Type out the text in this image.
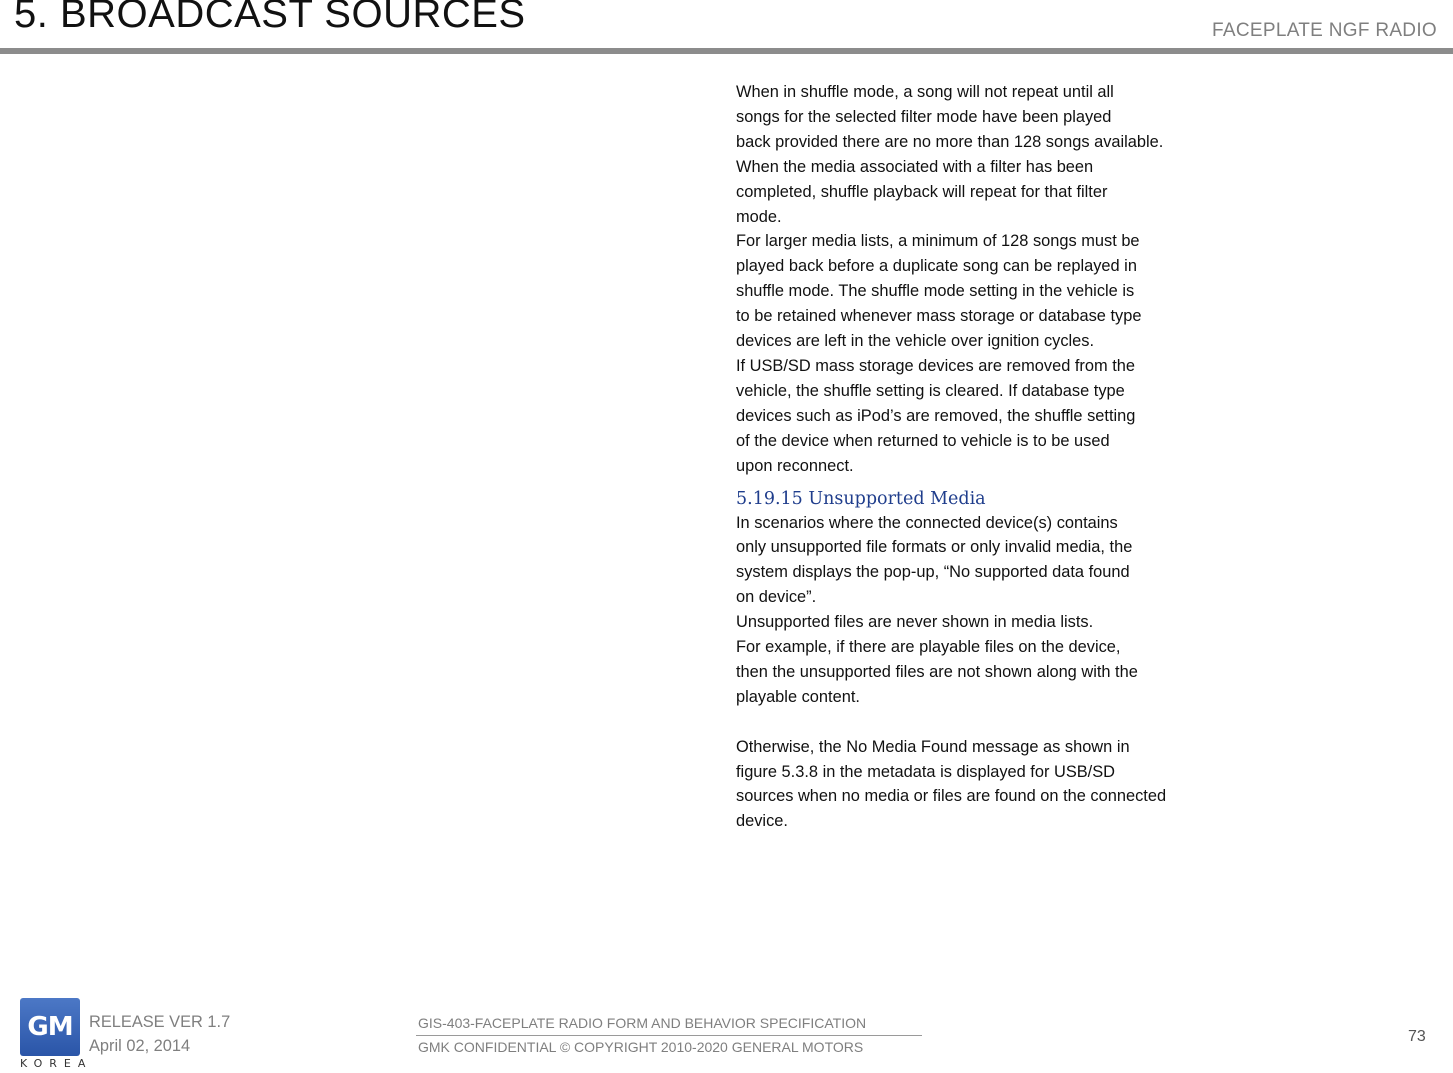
5. BROADCAST SOURCES	FACEPLATE NGF RADIO
When in shuffle mode, a song will not repeat until all
songs for the selected filter mode have been played
back provided there are no more than 128 songs available.
When the media associated with a filter has been
completed, shuffle playback will repeat for that filter
mode.
For larger media lists, a minimum of 128 songs must be
played back before a duplicate song can be replayed in
shuffle mode. The shuffle mode setting in the vehicle is
to be retained whenever mass storage or database type
devices are left in the vehicle over ignition cycles.
If USB/SD mass storage devices are removed from the
vehicle, the shuffle setting is cleared. If database type
devices such as iPod’s are removed, the shuffle setting
of the device when returned to vehicle is to be used
upon reconnect.
5.19.15 Unsupported Media
In scenarios where the connected device(s) contains
only unsupported file formats or only invalid media, the
system displays the pop-up, “No supported data found
on device”.
Unsupported files are never shown in media lists.
For example, if there are playable files on the device,
then the unsupported files are not shown along with the
playable content.
Otherwise, the No Media Found message as shown in
figure 5.3.8 in the metadata is displayed for USB/SD
sources when no media or files are found on the connected
device.
GM
KOREA
RELEASE VER 1.7
April 02, 2014
GIS-403-FACEPLATE RADIO FORM AND BEHAVIOR SPECIFICATION
GMK CONFIDENTIAL © COPYRIGHT 2010-2020 GENERAL MOTORS
73
